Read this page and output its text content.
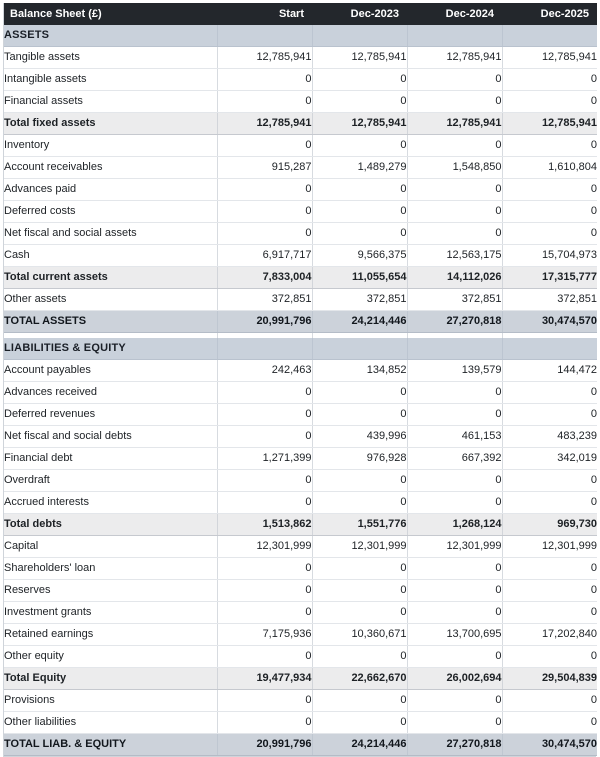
Balance Sheet (£)	Start	Dec-2023	Dec-2024	Dec-2025
ASSETS				
Tangible assets	12,785,941	12,785,941	12,785,941	12,785,941
Intangible assets	0	0	0	0
Financial assets	0	0	0	0
Total fixed assets	12,785,941	12,785,941	12,785,941	12,785,941
Inventory	0	0	0	0
Account receivables	915,287	1,489,279	1,548,850	1,610,804
Advances paid	0	0	0	0
Deferred costs	0	0	0	0
Net fiscal and social assets	0	0	0	0
Cash	6,917,717	9,566,375	12,563,175	15,704,973
Total current assets	7,833,004	11,055,654	14,112,026	17,315,777
Other assets	372,851	372,851	372,851	372,851
TOTAL ASSETS	20,991,796	24,214,446	27,270,818	30,474,570

LIABILITIES & EQUITY				
Account payables	242,463	134,852	139,579	144,472
Advances received	0	0	0	0
Deferred revenues	0	0	0	0
Net fiscal and social debts	0	439,996	461,153	483,239
Financial debt	1,271,399	976,928	667,392	342,019
Overdraft	0	0	0	0
Accrued interests	0	0	0	0
Total debts	1,513,862	1,551,776	1,268,124	969,730
Capital	12,301,999	12,301,999	12,301,999	12,301,999
Shareholders' loan	0	0	0	0
Reserves	0	0	0	0
Investment grants	0	0	0	0
Retained earnings	7,175,936	10,360,671	13,700,695	17,202,840
Other equity	0	0	0	0
Total Equity	19,477,934	22,662,670	26,002,694	29,504,839
Provisions	0	0	0	0
Other liabilities	0	0	0	0
TOTAL LIAB. & EQUITY	20,991,796	24,214,446	27,270,818	30,474,570
